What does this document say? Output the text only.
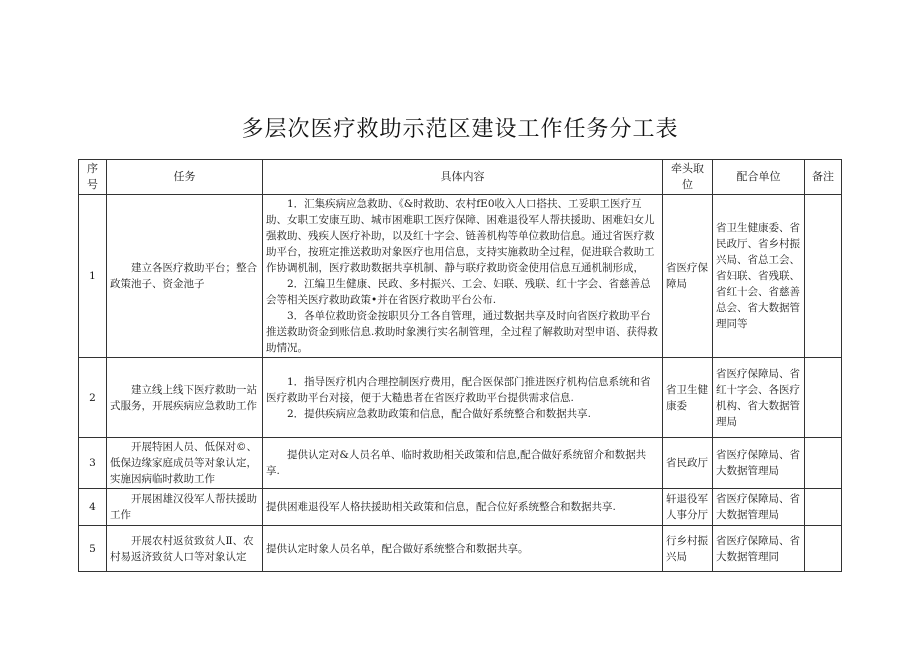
多层次医疗救助示范区建设工作任务分工表
序号	任务	具体内容	牵头取位	配合单位	备注
1	建立各医疗救助平台；整合政策池子、资金池子	1．汇集疾病应急救助、《&时救助、农村fE0收入人口搭扶、工妥职工医疗互助、女职工安康互助、城市困难职工医疗保障、困难退役军人帮扶援助、困难妇女儿强救助、残疾人医疗补助，以及红十字会、链善机构等单位救助信息。通过省医疗救助平台，按班定推送救助对象医疗也用信息，支持实施救助全过程，促进联合救助工作协调机制，医疗救助数据共享机制、静与联疗救助资金使用信息互通机制形成，

2．江编卫生健康、民政、多村振兴、工会、妇联、残联、红十字会、省慈善总会等相关医疗救助政策•并在省医疗救助平台公布.

3．各单位救助资金按职贝分工各自管理，通过数据共享及时向省医疗救助平台推送救助资金到账信息.救助时象澳行实名制管理，全过程了解救助对型申语、获得救助情况。	省医疗保障局	省卫生健康委、省民政厅、省乡村振兴局、省总工会、省妇联、省残联、省红十会、省慈善总会、省大数据管理同等	
2	建立线上线下医疗救助一站式服务，开展疾病应急救助工作	1．指导医疗机内合理控制医疗费用，配合医保部门推进医疗机构信息系统和省医疗救助平台对接，便于大糙患者在省医疗救助平台提供需求信息.

2．提供疾病应急救助政策和信息，配合做好系统整合和数据共享.	省卫生健康委	省医疗保障局、省红十字会、各医疗机构、省大数据管理局	
3	开展特困人员、低保对©、低保边缘家庭成员等对象认定，实施因病临时救助工作	提供认定对&人员名单、临时救助相关政策和信息,配合做好系统留介和数据共享.	省民政厅	省医疗保障局、省大数据管理局	
4	开展困雄汉役军人帮扶援助工作	提供困难退役军人格扶援助相关政策和信息，配合位好系统整合和数据共享.	轩退役军人事分厅	省医疗保障局、省大数据管理局	
5	开展农村返贫致贫人Ⅱ、农村易返济致贫人口等对象认定	提供认定时象人员名单，配合做好系统整合和数据共享。	行乡村振兴局	省医疗保障局、省大数据管理同	
